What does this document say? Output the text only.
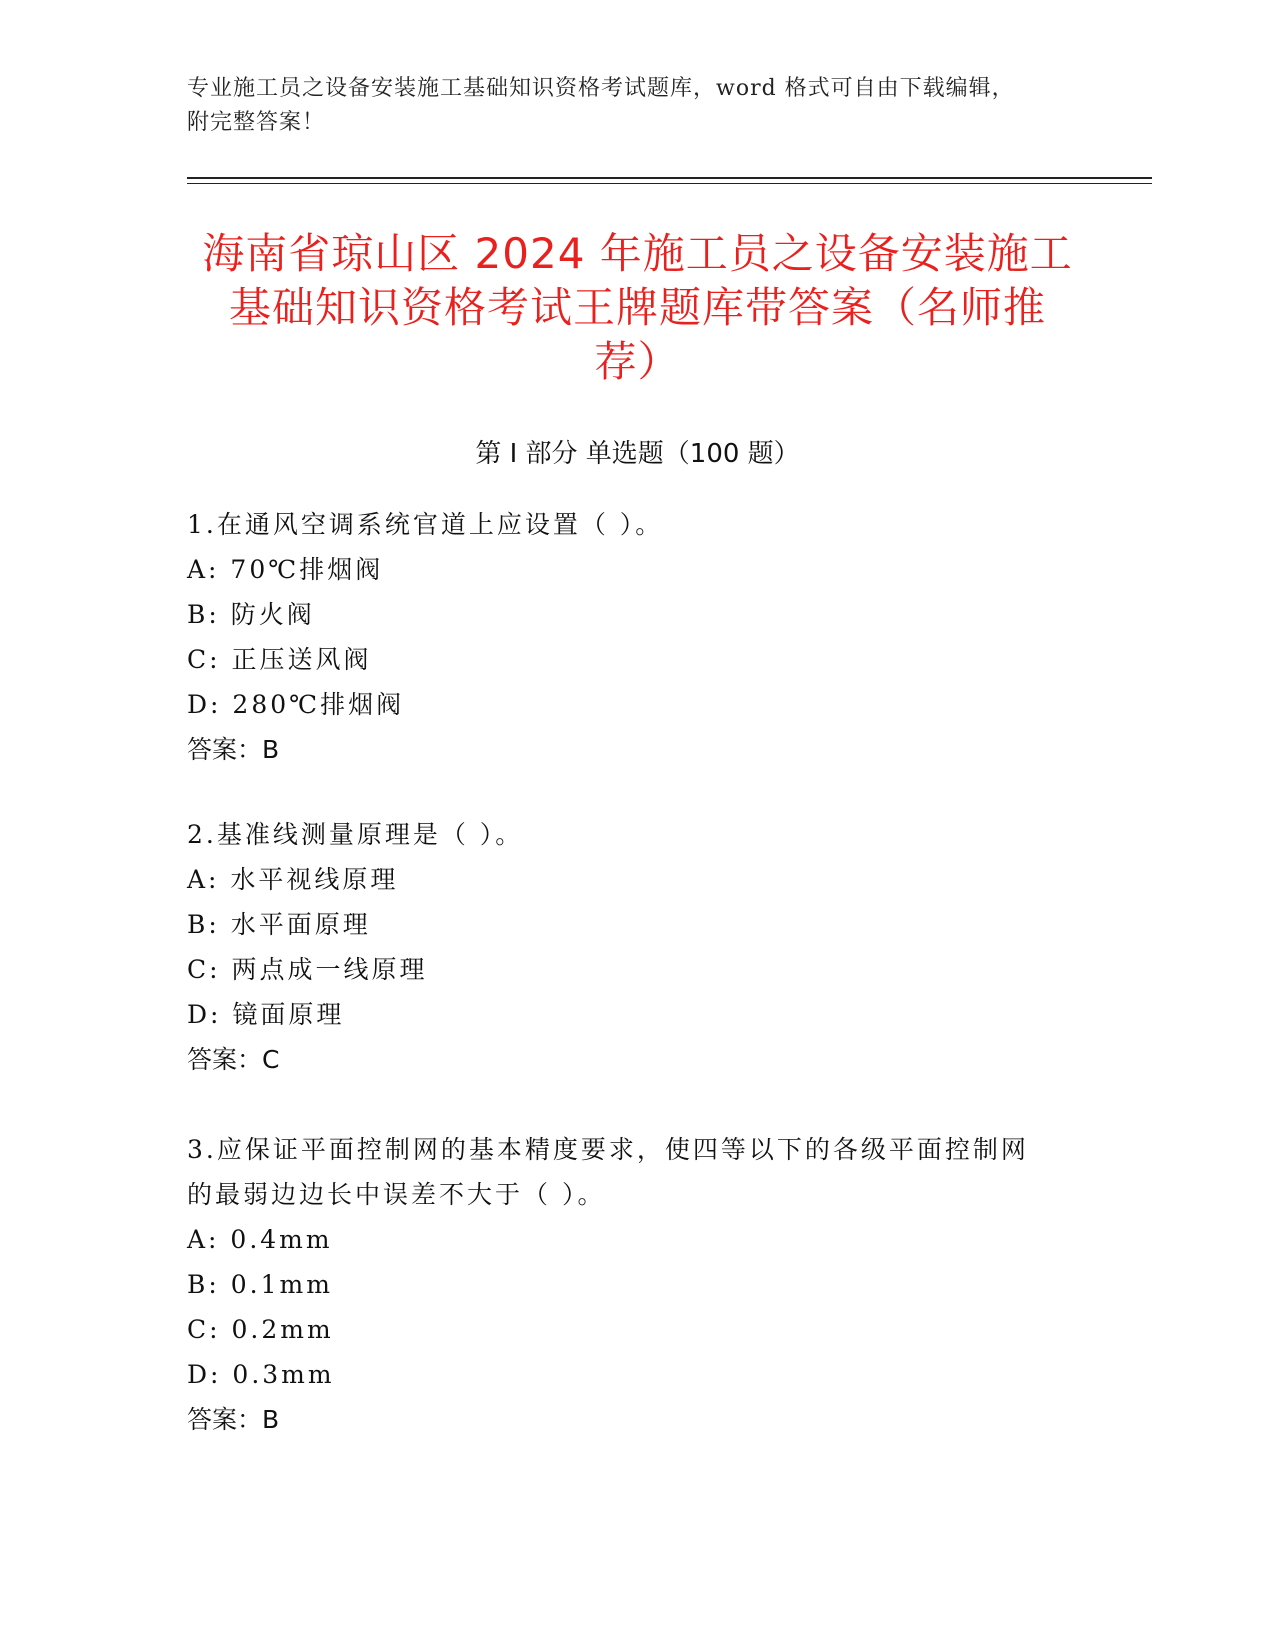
专业施工员之设备安装施工基础知识资格考试题库，word 格式可自由下载编辑，
附完整答案！
海南省琼山区 2024 年施工员之设备安装施工
基础知识资格考试王牌题库带答案（名师推
荐）
第 I 部分 单选题（100 题）

1.在通风空调系统官道上应设置（ ）。

A: 70℃排烟阀

B: 防火阀

C: 正压送风阀

D: 280℃排烟阀

答案：B

2.基准线测量原理是（ ）。

A: 水平视线原理

B: 水平面原理

C: 两点成一线原理

D: 镜面原理

答案：C

3.应保证平面控制网的基本精度要求，使四等以下的各级平面控制网

的最弱边边长中误差不大于（ ）。

A: 0.4mm

B: 0.1mm

C: 0.2mm

D: 0.3mm

答案：B
